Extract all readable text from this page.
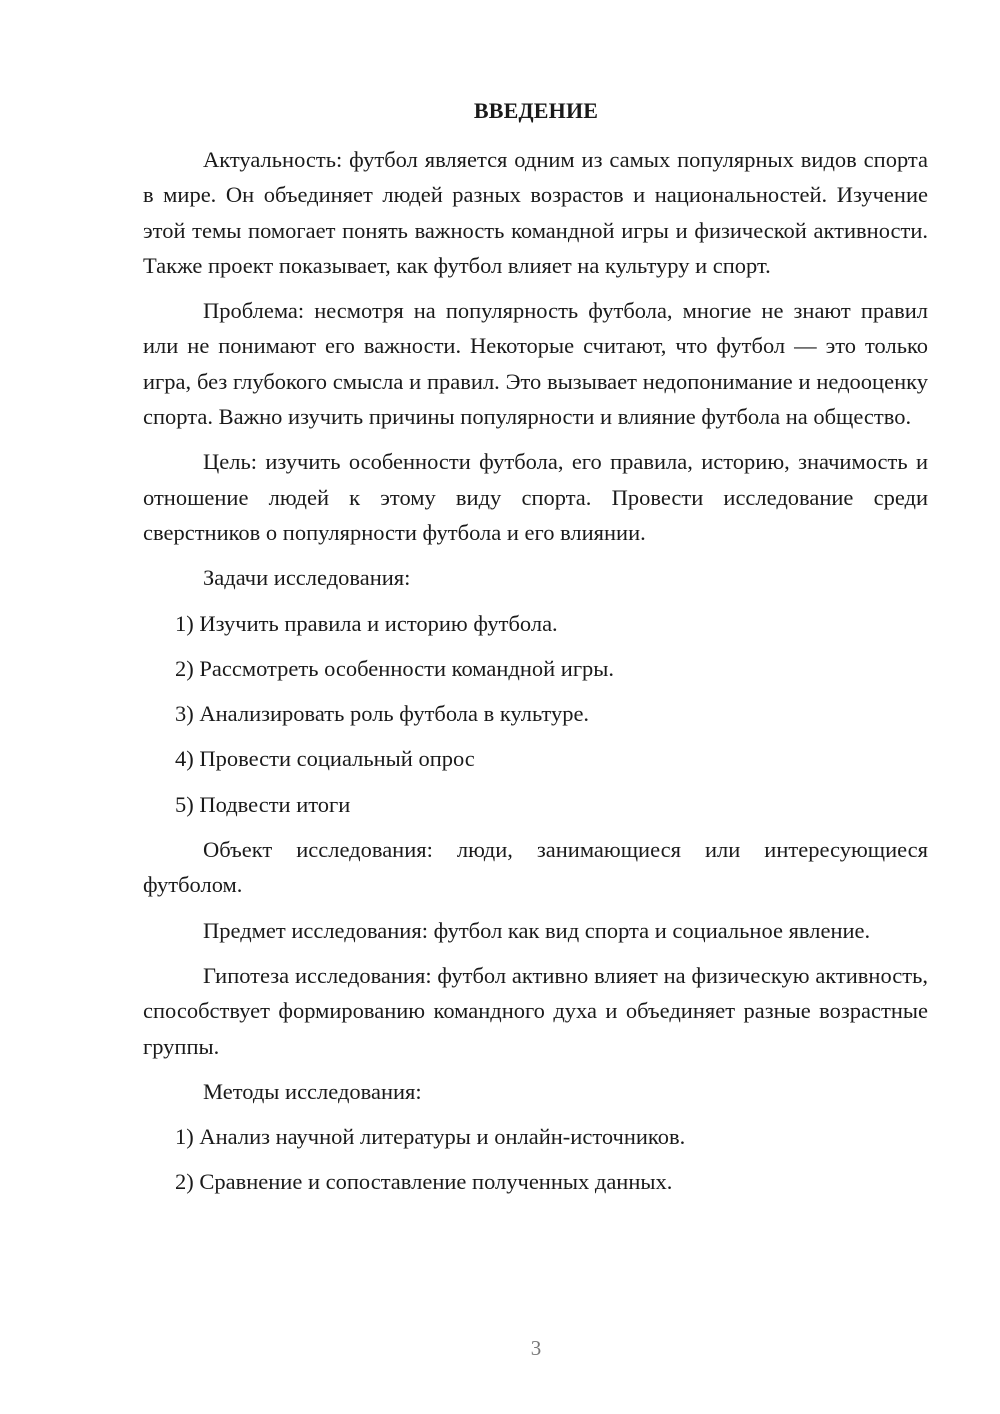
ВВЕДЕНИЕ

Актуальность: футбол является одним из самых популярных видов спорта в мире. Он объединяет людей разных возрастов и национальностей. Изучение этой темы помогает понять важность командной игры и физической активности. Также проект показывает, как футбол влияет на культуру и спорт.

Проблема: несмотря на популярность футбола, многие не знают правил или не понимают его важности. Некоторые считают, что футбол — это только игра, без глубокого смысла и правил. Это вызывает недопонимание и недооценку спорта. Важно изучить причины популярности и влияние футбола на общество.

Цель: изучить особенности футбола, его правила, историю, значимость и отношение людей к этому виду спорта. Провести исследование среди сверстников о популярности футбола и его влиянии.

Задачи исследования:

1) Изучить правила и историю футбола.
2) Рассмотреть особенности командной игры.
3) Анализировать роль футбола в культуре.
4) Провести социальный опрос
5) Подвести итоги

Объект исследования: люди, занимающиеся или интересующиеся футболом.

Предмет исследования: футбол как вид спорта и социальное явление.

Гипотеза исследования: футбол активно влияет на физическую активность, способствует формированию командного духа и объединяет разные возрастные группы.

Методы исследования:

1) Анализ научной литературы и онлайн-источников.
2) Сравнение и сопоставление полученных данных.
3
